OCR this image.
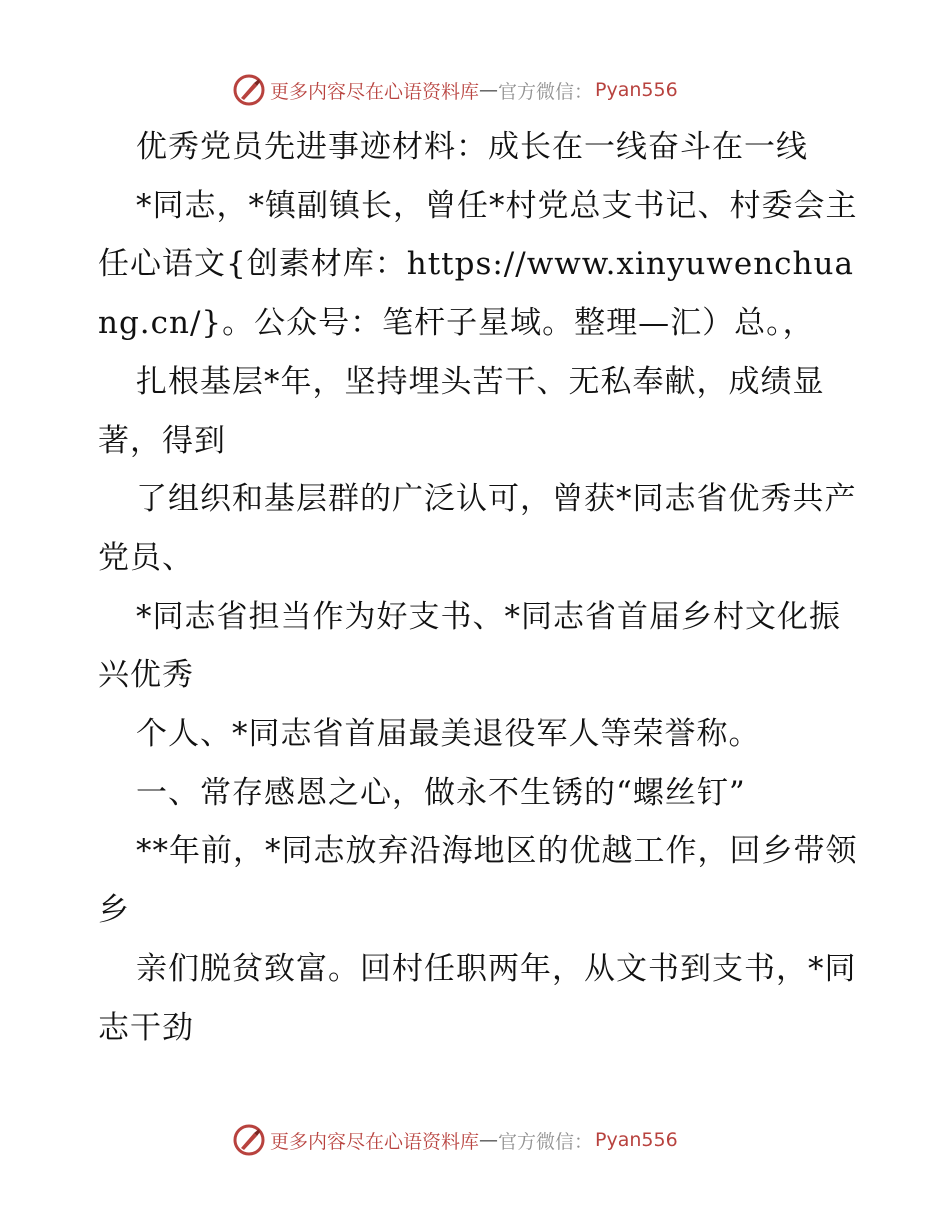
更多内容尽在心语资料库 — 官方微信： Pyan556

优秀党员先进事迹材料：成长在一线奋斗在一线

*同志，*镇副镇长，曾任*村党总支书记、村委会主任心语文{创素材库：https://www.xinyuwenchuang.cn/}。公众号：笔杆子星域。整理—汇）总。，

扎根基层*年，坚持埋头苦干、无私奉献，成绩显著，得到

了组织和基层群的广泛认可，曾获*同志省优秀共产党员、

*同志省担当作为好支书、*同志省首届乡村文化振兴优秀

个人、*同志省首届最美退役军人等荣誉称。

一、常存感恩之心，做永不生锈的“螺丝钉”

**年前，*同志放弃沿海地区的优越工作，回乡带领乡

亲们脱贫致富。回村任职两年，从文书到支书，*同志干劲

更多内容尽在心语资料库 — 官方微信： Pyan556
